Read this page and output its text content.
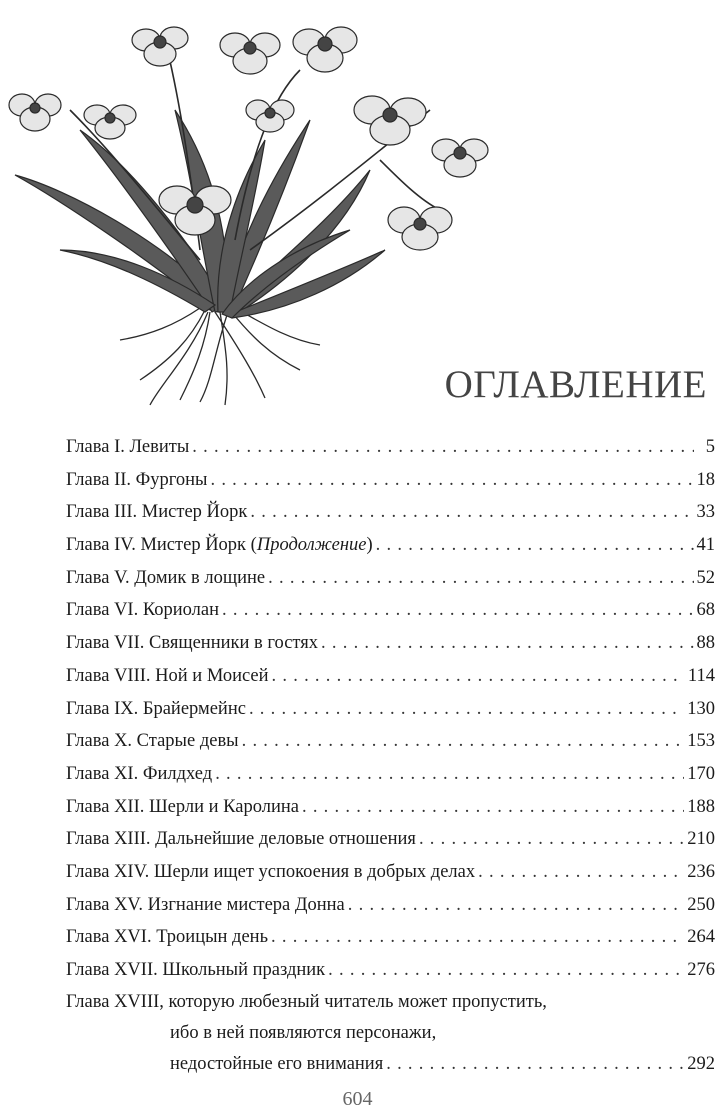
ОГЛАВЛЕНИЕ
Глава I. Левиты . . .	5
Глава II. Фургоны . . .	18
Глава III. Мистер Йорк . . .	33
Глава IV. Мистер Йорк (Продолжение) . . .	41
Глава V. Домик в лощине . . .	52
Глава VI. Кориолан . . .	68
Глава VII. Священники в гостях . . .	88
Глава VIII. Ной и Моисей . . .	114
Глава IX. Брайермейнс . . .	130
Глава X. Старые девы . . .	153
Глава XI. Филдхед . . .	170
Глава XII. Шерли и Каролина . . .	188
Глава XIII. Дальнейшие деловые отношения . . .	210
Глава XIV. Шерли ищет успокоения в добрых делах . . .	236
Глава XV. Изгнание мистера Донна . . .	250
Глава XVI. Троицын день . . .	264
Глава XVII. Школьный праздник . . .	276
Глава XVIII, которую любезный читатель может пропустить,
ибо в ней появляются персонажи,
недостойные его внимания . . .	292
604
